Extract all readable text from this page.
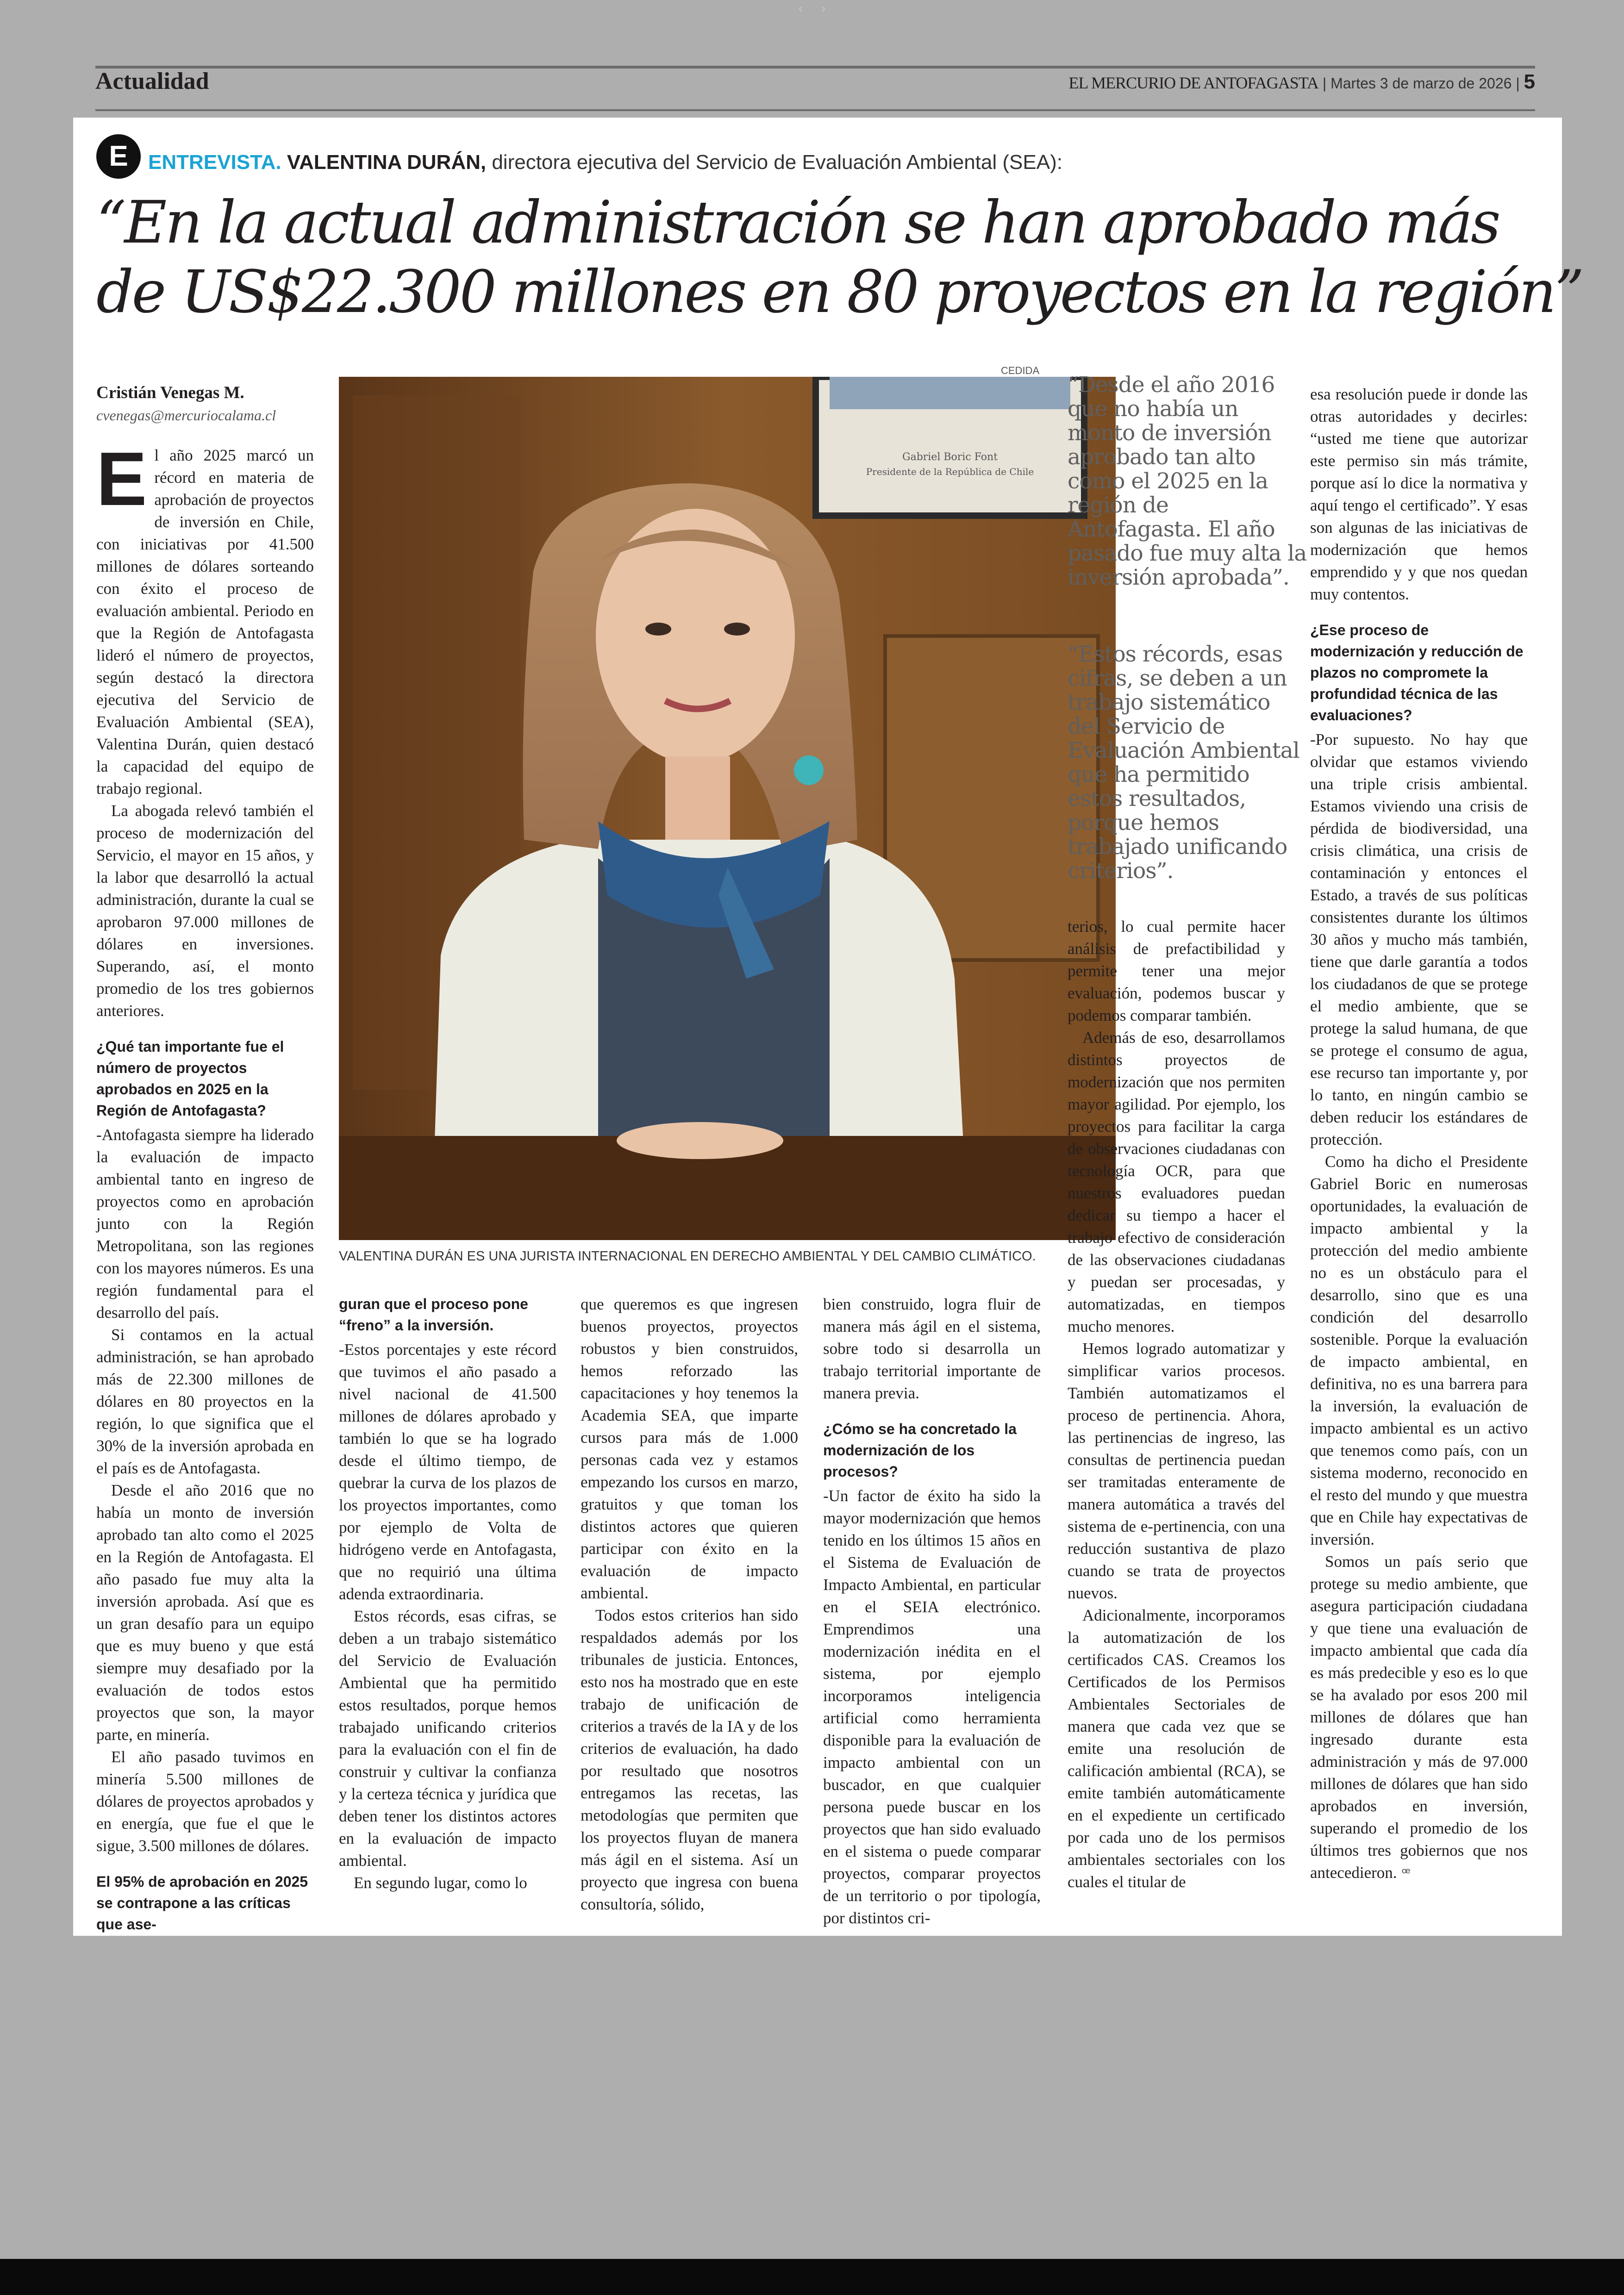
‹ ›
Actualidad	EL MERCURIO DE ANTOFAGASTA | Martes 3 de marzo de 2026 | 5
E ENTREVISTA. VALENTINA DURÁN, directora ejecutiva del Servicio de Evaluación Ambiental (SEA):
“En la actual administración se han aprobado más
de US$22.300 millones en 80 proyectos en la región”
Cristián Venegas M.
cvenegas@mercuriocalama.cl

El año 2025 marcó un récord en materia de aprobación de proyectos de inversión en Chile, con iniciativas por 41.500 millones de dólares sorteando con éxito el proceso de evaluación ambiental. Periodo en que la Región de Antofagasta lideró el número de proyectos, según destacó la directora ejecutiva del Servicio de Evaluación Ambiental (SEA), Valentina Durán, quien destacó la capacidad del equipo de trabajo regional.

La abogada relevó también el proceso de modernización del Servicio, el mayor en 15 años, y la labor que desarrolló la actual administración, durante la cual se aprobaron 97.000 millones de dólares en inversiones. Superando, así, el monto promedio de los tres gobiernos anteriores.

¿Qué tan importante fue el número de proyectos aprobados en 2025 en la Región de Antofagasta?

-Antofagasta siempre ha liderado la evaluación de impacto ambiental tanto en ingreso de proyectos como en aprobación junto con la Región Metropolitana, son las regiones con los mayores números. Es una región fundamental para el desarrollo del país.

Si contamos en la actual administración, se han aprobado más de 22.300 millones de dólares en 80 proyectos en la región, lo que significa que el 30% de la inversión aprobada en el país es de Antofagasta.

Desde el año 2016 que no había un monto de inversión aprobado tan alto como el 2025 en la Región de Antofagasta. El año pasado fue muy alta la inversión aprobada. Así que es un gran desafío para un equipo que es muy bueno y que está siempre muy desafiado por la evaluación de todos estos proyectos que son, la mayor parte, en minería.

El año pasado tuvimos en minería 5.500 millones de dólares de proyectos aprobados y en energía, que fue el que le sigue, 3.500 millones de dólares.

El 95% de aprobación en 2025 se contrapone a las críticas que ase-
CEDIDA
Gabriel Boric Font
Presidente de la República de Chile
VALENTINA DURÁN ES UNA JURISTA INTERNACIONAL EN DERECHO AMBIENTAL Y DEL CAMBIO CLIMÁTICO.
“Desde el año 2016 que no había un monto de inversión aprobado tan alto como el 2025 en la región de Antofagasta. El año pasado fue muy alta la inversión aprobada”.
“Estos récords, esas cifras, se deben a un trabajo sistemático del Servicio de Evaluación Ambiental que ha permitido estos resultados, porque hemos trabajado unificando criterios”.
guran que el proceso pone “freno” a la inversión.

-Estos porcentajes y este récord que tuvimos el año pasado a nivel nacional de 41.500 millones de dólares aprobado y también lo que se ha logrado desde el último tiempo, de quebrar la curva de los plazos de los proyectos importantes, como por ejemplo de Volta de hidrógeno verde en Antofagasta, que no requirió una última adenda extraordinaria.

Estos récords, esas cifras, se deben a un trabajo sistemático del Servicio de Evaluación Ambiental que ha permitido estos resultados, porque hemos trabajado unificando criterios para la evaluación con el fin de construir y cultivar la confianza y la certeza técnica y jurídica que deben tener los distintos actores en la evaluación de impacto ambiental.

En segundo lugar, como lo

que queremos es que ingresen buenos proyectos, proyectos robustos y bien construidos, hemos reforzado las capacitaciones y hoy tenemos la Academia SEA, que imparte cursos para más de 1.000 personas cada vez y estamos empezando los cursos en marzo, gratuitos y que toman los distintos actores que quieren participar con éxito en la evaluación de impacto ambiental.

Todos estos criterios han sido respaldados además por los tribunales de justicia. Entonces, esto nos ha mostrado que en este trabajo de unificación de criterios a través de la IA y de los criterios de evaluación, ha dado por resultado que nosotros entregamos las recetas, las metodologías que permiten que los proyectos fluyan de manera más ágil en el sistema. Así un proyecto que ingresa con buena consultoría, sólido,

bien construido, logra fluir de manera más ágil en el sistema, sobre todo si desarrolla un trabajo territorial importante de manera previa.

¿Cómo se ha concretado la modernización de los procesos?

-Un factor de éxito ha sido la mayor modernización que hemos tenido en los últimos 15 años en el Sistema de Evaluación de Impacto Ambiental, en particular en el SEIA electrónico. Emprendimos una modernización inédita en el sistema, por ejemplo incorporamos inteligencia artificial como herramienta disponible para la evaluación de impacto ambiental con un buscador, en que cualquier persona puede buscar en los proyectos que han sido evaluado en el sistema o puede comparar proyectos, comparar proyectos de un territorio o por tipología, por distintos cri-

terios, lo cual permite hacer análisis de prefactibilidad y permite tener una mejor evaluación, podemos buscar y podemos comparar también.

Además de eso, desarrollamos distintos proyectos de modernización que nos permiten mayor agilidad. Por ejemplo, los proyectos para facilitar la carga de observaciones ciudadanas con tecnología OCR, para que nuestros evaluadores puedan dedicar su tiempo a hacer el trabajo efectivo de consideración de las observaciones ciudadanas y puedan ser procesadas, y automatizadas, en tiempos mucho menores.

Hemos logrado automatizar y simplificar varios procesos. También automatizamos el proceso de pertinencia. Ahora, las pertinencias de ingreso, las consultas de pertinencia puedan ser tramitadas enteramente de manera automática a través del sistema de e-pertinencia, con una reducción sustantiva de plazo cuando se trata de proyectos nuevos.

Adicionalmente, incorporamos la automatización de los certificados CAS. Creamos los Certificados de los Permisos Ambientales Sectoriales de manera que cada vez que se emite una resolución de calificación ambiental (RCA), se emite también automáticamente en el expediente un certificado por cada uno de los permisos ambientales sectoriales con los cuales el titular de

esa resolución puede ir donde las otras autoridades y decirles: “usted me tiene que autorizar este permiso sin más trámite, porque así lo dice la normativa y aquí tengo el certificado”. Y esas son algunas de las iniciativas de modernización que hemos emprendido y y que nos quedan muy contentos.

¿Ese proceso de modernización y reducción de plazos no compromete la profundidad técnica de las evaluaciones?

-Por supuesto. No hay que olvidar que estamos viviendo una triple crisis ambiental. Estamos viviendo una crisis de pérdida de biodiversidad, una crisis climática, una crisis de contaminación y entonces el Estado, a través de sus políticas consistentes durante los últimos 30 años y mucho más también, tiene que darle garantía a todos los ciudadanos de que se protege el medio ambiente, que se protege la salud humana, de que se protege el consumo de agua, ese recurso tan importante y, por lo tanto, en ningún cambio se deben reducir los estándares de protección.

Como ha dicho el Presidente Gabriel Boric en numerosas oportunidades, la evaluación de impacto ambiental y la protección del medio ambiente no es un obstáculo para el desarrollo, sino que es una condición del desarrollo sostenible. Porque la evaluación de impacto ambiental, en definitiva, no es una barrera para la inversión, la evaluación de impacto ambiental es un activo que tenemos como país, con un sistema moderno, reconocido en el resto del mundo y que muestra que en Chile hay expectativas de inversión.

Somos un país serio que protege su medio ambiente, que asegura participación ciudadana y que tiene una evaluación de impacto ambiental que cada día es más predecible y eso es lo que se ha avalado por esos 200 mil millones de dólares que han ingresado durante esta administración y más de 97.000 millones de dólares que han sido aprobados en inversión, superando el promedio de los últimos tres gobiernos que nos antecedieron. ꟹ
